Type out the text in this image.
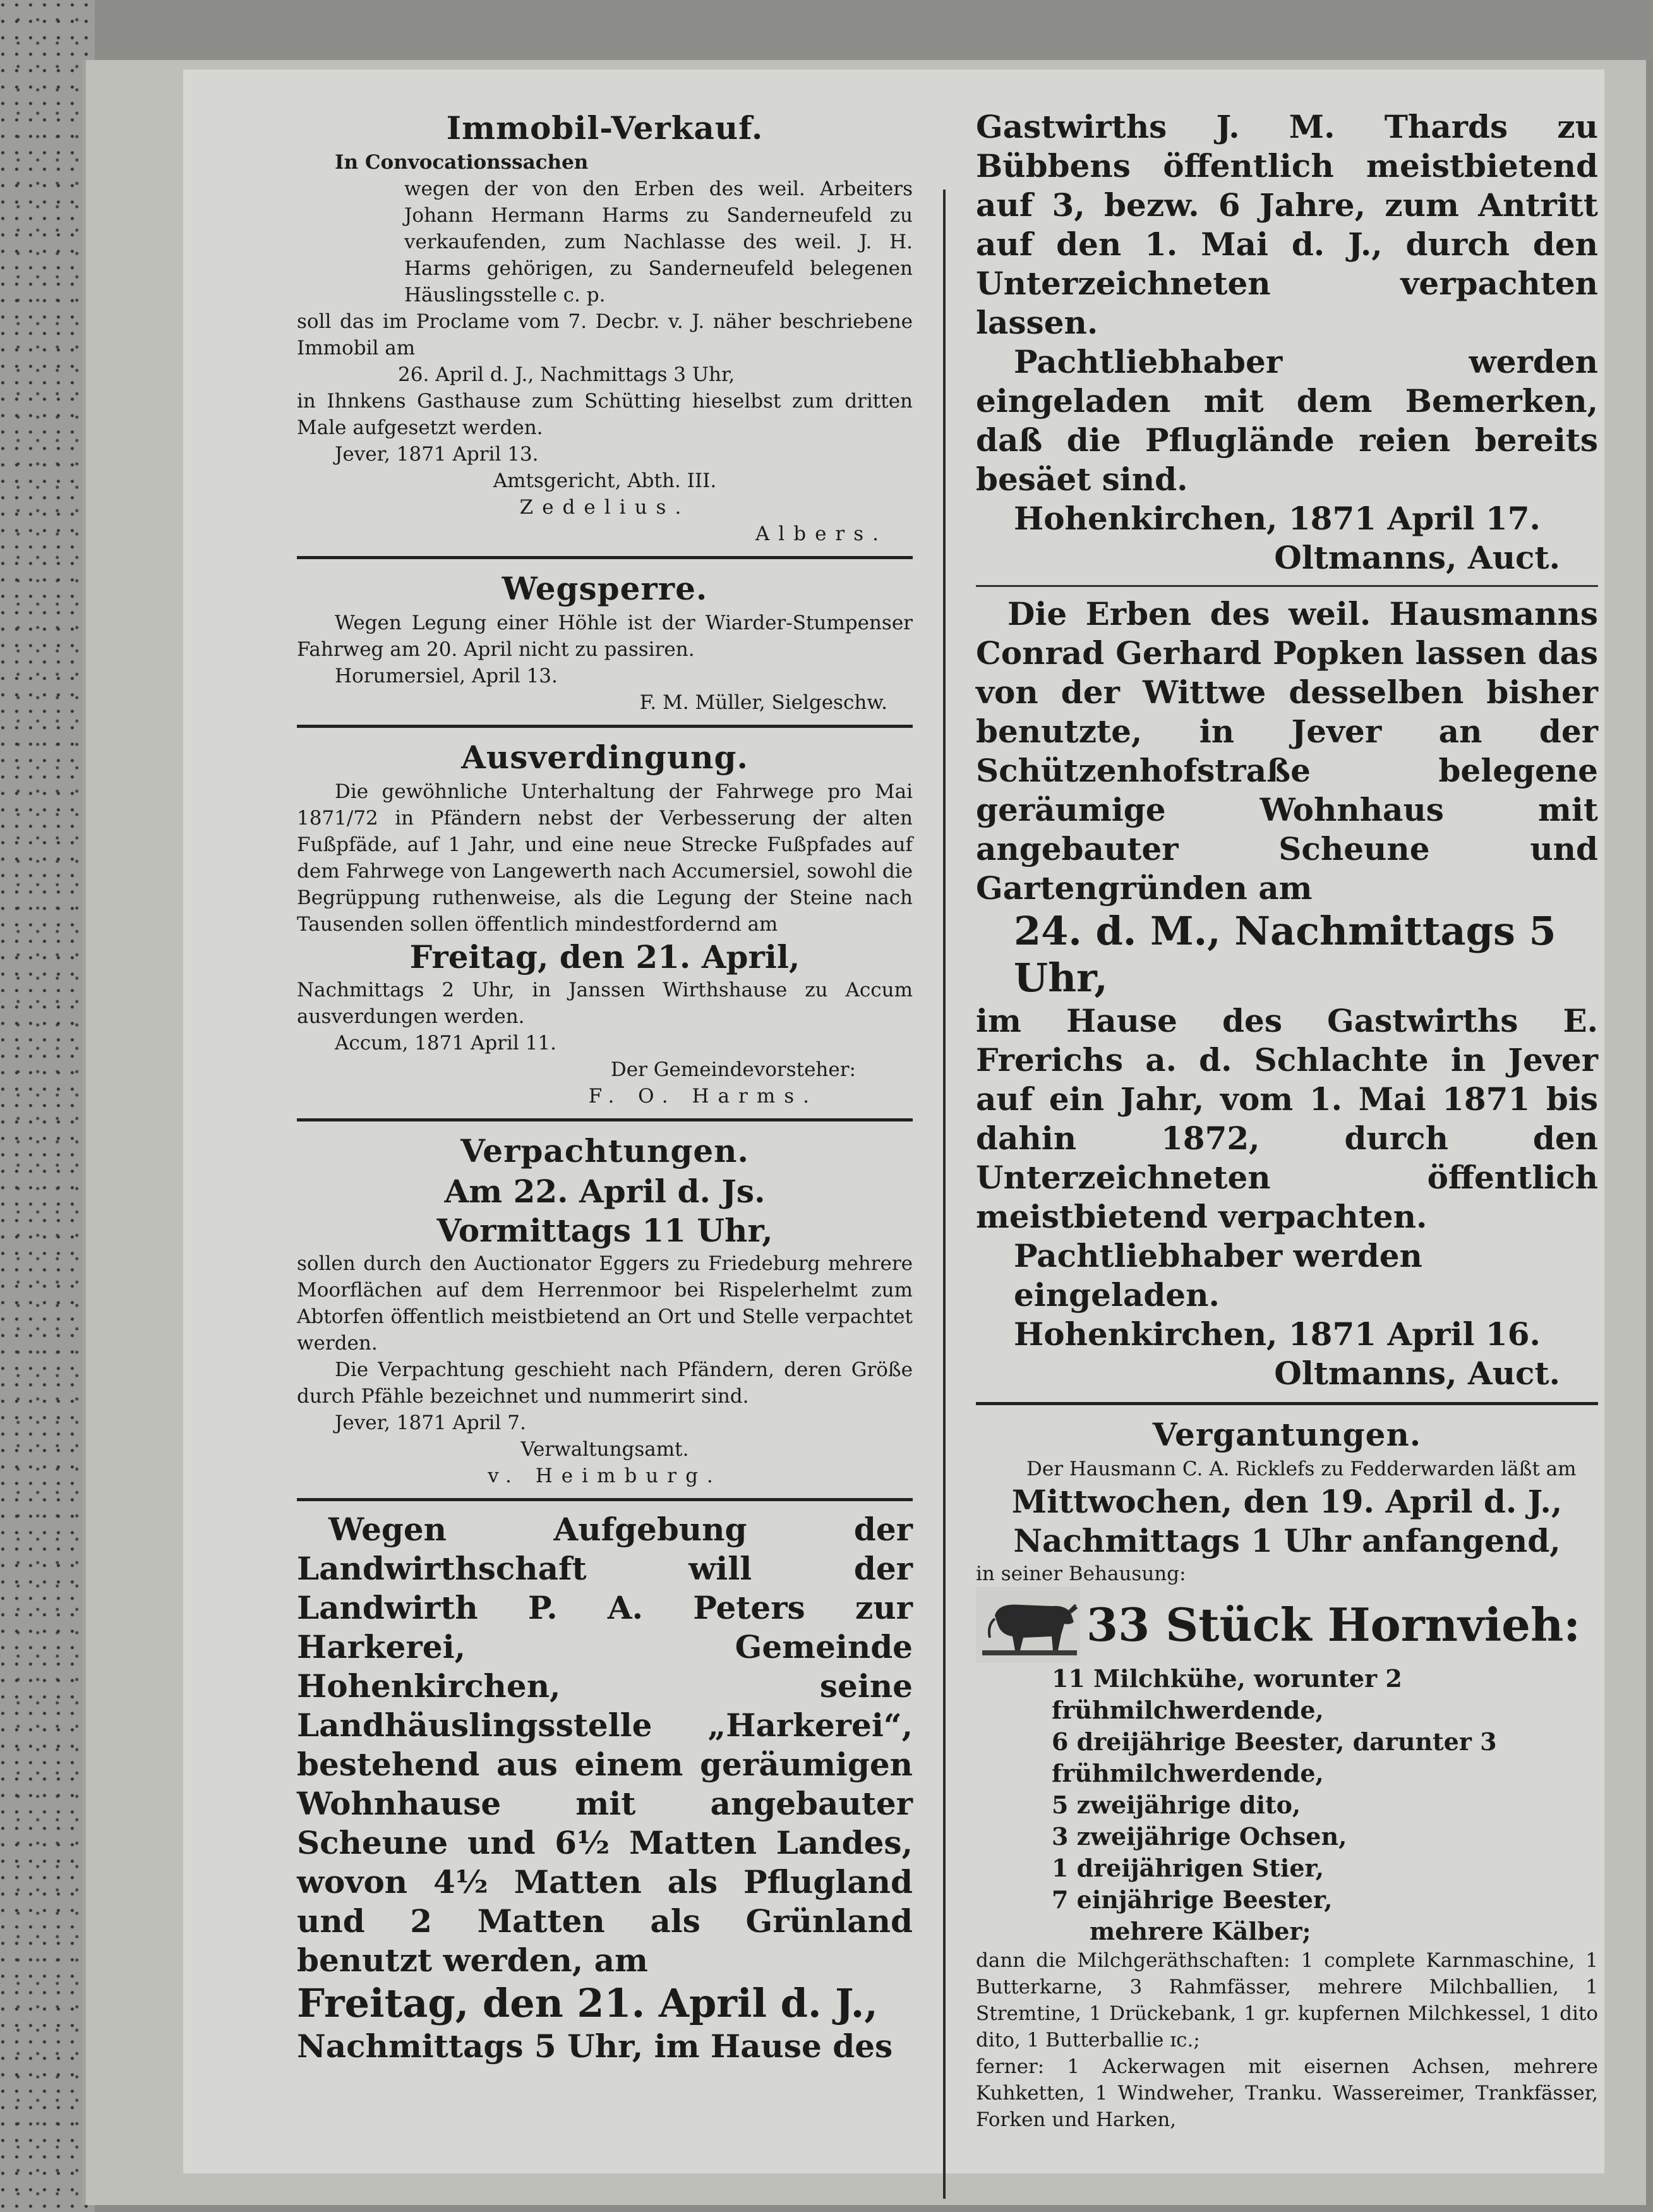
Immobil-Verkauf.

In Convocationssachen

wegen der von den Erben des weil. Arbeiters Johann Hermann Harms zu Sanderneufeld zu verkaufenden, zum Nachlasse des weil. J. H. Harms gehörigen, zu Sanderneufeld belegenen Häuslingsstelle c. p.

soll das im Proclame vom 7. Decbr. v. J. näher beschriebene Immobil am

26. April d. J., Nachmittags 3 Uhr,

in Ihnkens Gasthause zum Schütting hieselbst zum dritten Male aufgesetzt werden.

Jever, 1871 April 13.

Amtsgericht, Abth. III.

Zedelius.

Albers.

Wegsperre.

Wegen Legung einer Höhle ist der Wiarder-Stumpenser Fahrweg am 20. April nicht zu passiren.

Horumersiel, April 13.

F. M. Müller, Sielgeschw.

Ausverdingung.

Die gewöhnliche Unterhaltung der Fahrwege pro Mai 1871/72 in Pfändern nebst der Verbesserung der alten Fußpfäde, auf 1 Jahr, und eine neue Strecke Fußpfades auf dem Fahrwege von Langewerth nach Accumersiel, sowohl die Begrüppung ruthenweise, als die Legung der Steine nach Tausenden sollen öffentlich mindestfordernd am

Freitag, den 21. April,

Nachmittags 2 Uhr, in Janssen Wirthshause zu Accum ausverdungen werden.

Accum, 1871 April 11.

Der Gemeindevorsteher:

F. O. Harms.

Verpachtungen.

Am 22. April d. Js.

Vormittags 11 Uhr,

sollen durch den Auctionator Eggers zu Friedeburg mehrere Moorflächen auf dem Herrenmoor bei Rispelerhelmt zum Abtorfen öffentlich meistbietend an Ort und Stelle verpachtet werden.

Die Verpachtung geschieht nach Pfändern, deren Größe durch Pfähle bezeichnet und nummerirt sind.

Jever, 1871 April 7.

Verwaltungsamt.

v. Heimburg.

Wegen Aufgebung der Landwirthschaft will der Landwirth P. A. Peters zur Harkerei, Gemeinde Hohenkirchen, seine Landhäuslingsstelle „Harkerei“, bestehend aus einem geräumigen Wohnhause mit angebauter Scheune und 6½ Matten Landes, wovon 4½ Matten als Pflugland und 2 Matten als Grünland benutzt werden, am

Freitag, den 21. April d. J.,

Nachmittags 5 Uhr, im Hause des

Gastwirths J. M. Thards zu Bübbens öffentlich meistbietend auf 3, bezw. 6 Jahre, zum Antritt auf den 1. Mai d. J., durch den Unterzeichneten verpachten lassen.

Pachtliebhaber werden eingeladen mit dem Bemerken, daß die Pfluglände reien bereits besäet sind.

Hohenkirchen, 1871 April 17.

Oltmanns, Auct.

Die Erben des weil. Hausmanns Conrad Gerhard Popken lassen das von der Wittwe desselben bisher benutzte, in Jever an der Schützenhofstraße belegene geräumige Wohnhaus mit angebauter Scheune und Gartengründen am

24. d. M., Nachmittags 5 Uhr,

im Hause des Gastwirths E. Frerichs a. d. Schlachte in Jever auf ein Jahr, vom 1. Mai 1871 bis dahin 1872, durch den Unterzeichneten öffentlich meistbietend verpachten.

Pachtliebhaber werden eingeladen.

Hohenkirchen, 1871 April 16.

Oltmanns, Auct.

Vergantungen.

Der Hausmann C. A. Ricklefs zu Fedderwarden läßt am

Mittwochen, den 19. April d. J.,

Nachmittags 1 Uhr anfangend,

in seiner Behausung:

33 Stück Hornvieh:

11 Milchkühe, worunter 2 frühmilchwerdende,

6 dreijährige Beester, darunter 3 frühmilchwerdende,

5 zweijährige dito,

3 zweijährige Ochsen,

1 dreijährigen Stier,

7 einjährige Beester,

mehrere Kälber;

dann die Milchgeräthschaften: 1 complete Karnmaschine, 1 Butterkarne, 3 Rahmfässer, mehrere Milchballien, 1 Stremtine, 1 Drückebank, 1 gr. kupfernen Milchkessel, 1 dito dito, 1 Butterballie ɪc.;

ferner: 1 Ackerwagen mit eisernen Achsen, mehrere Kuhketten, 1 Windweher, Tranku. Wassereimer, Trankfässer, Forken und Harken,
